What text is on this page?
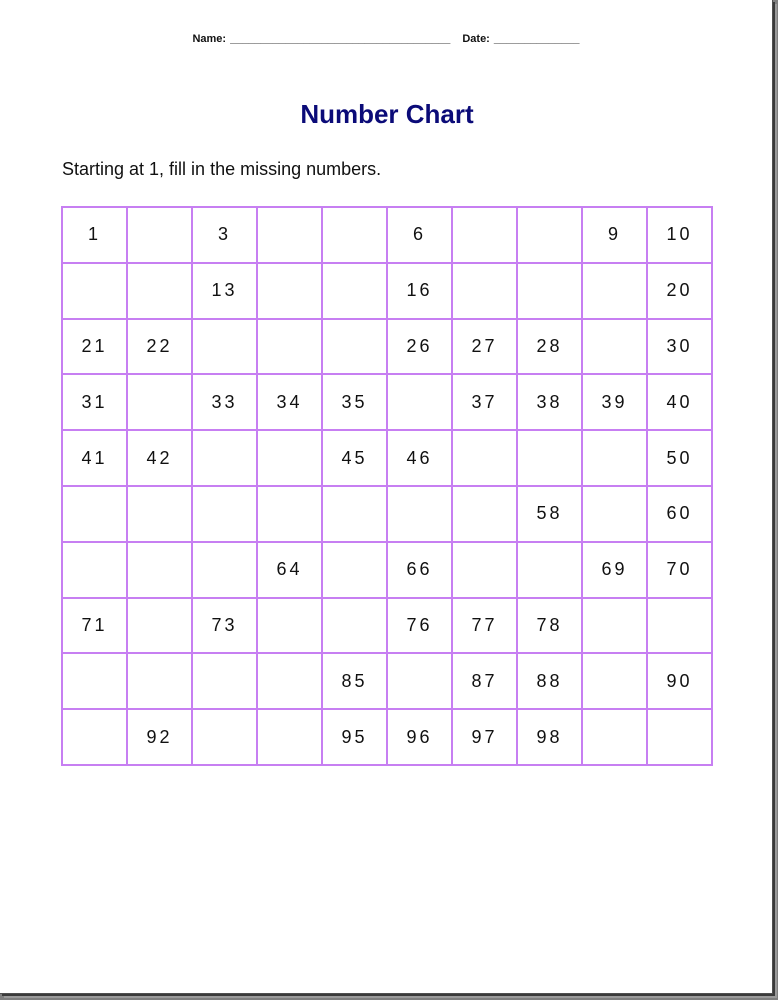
Name: ____________________________________ Date: ______________
Number Chart
Starting at 1, fill in the missing numbers.
1		3			6			9	10
		13			16				20
21	22				26	27	28		30
31		33	34	35		37	38	39	40
41	42			45	46				50
							58		60
			64		66			69	70
71		73			76	77	78		
				85		87	88		90
	92			95	96	97	98		
